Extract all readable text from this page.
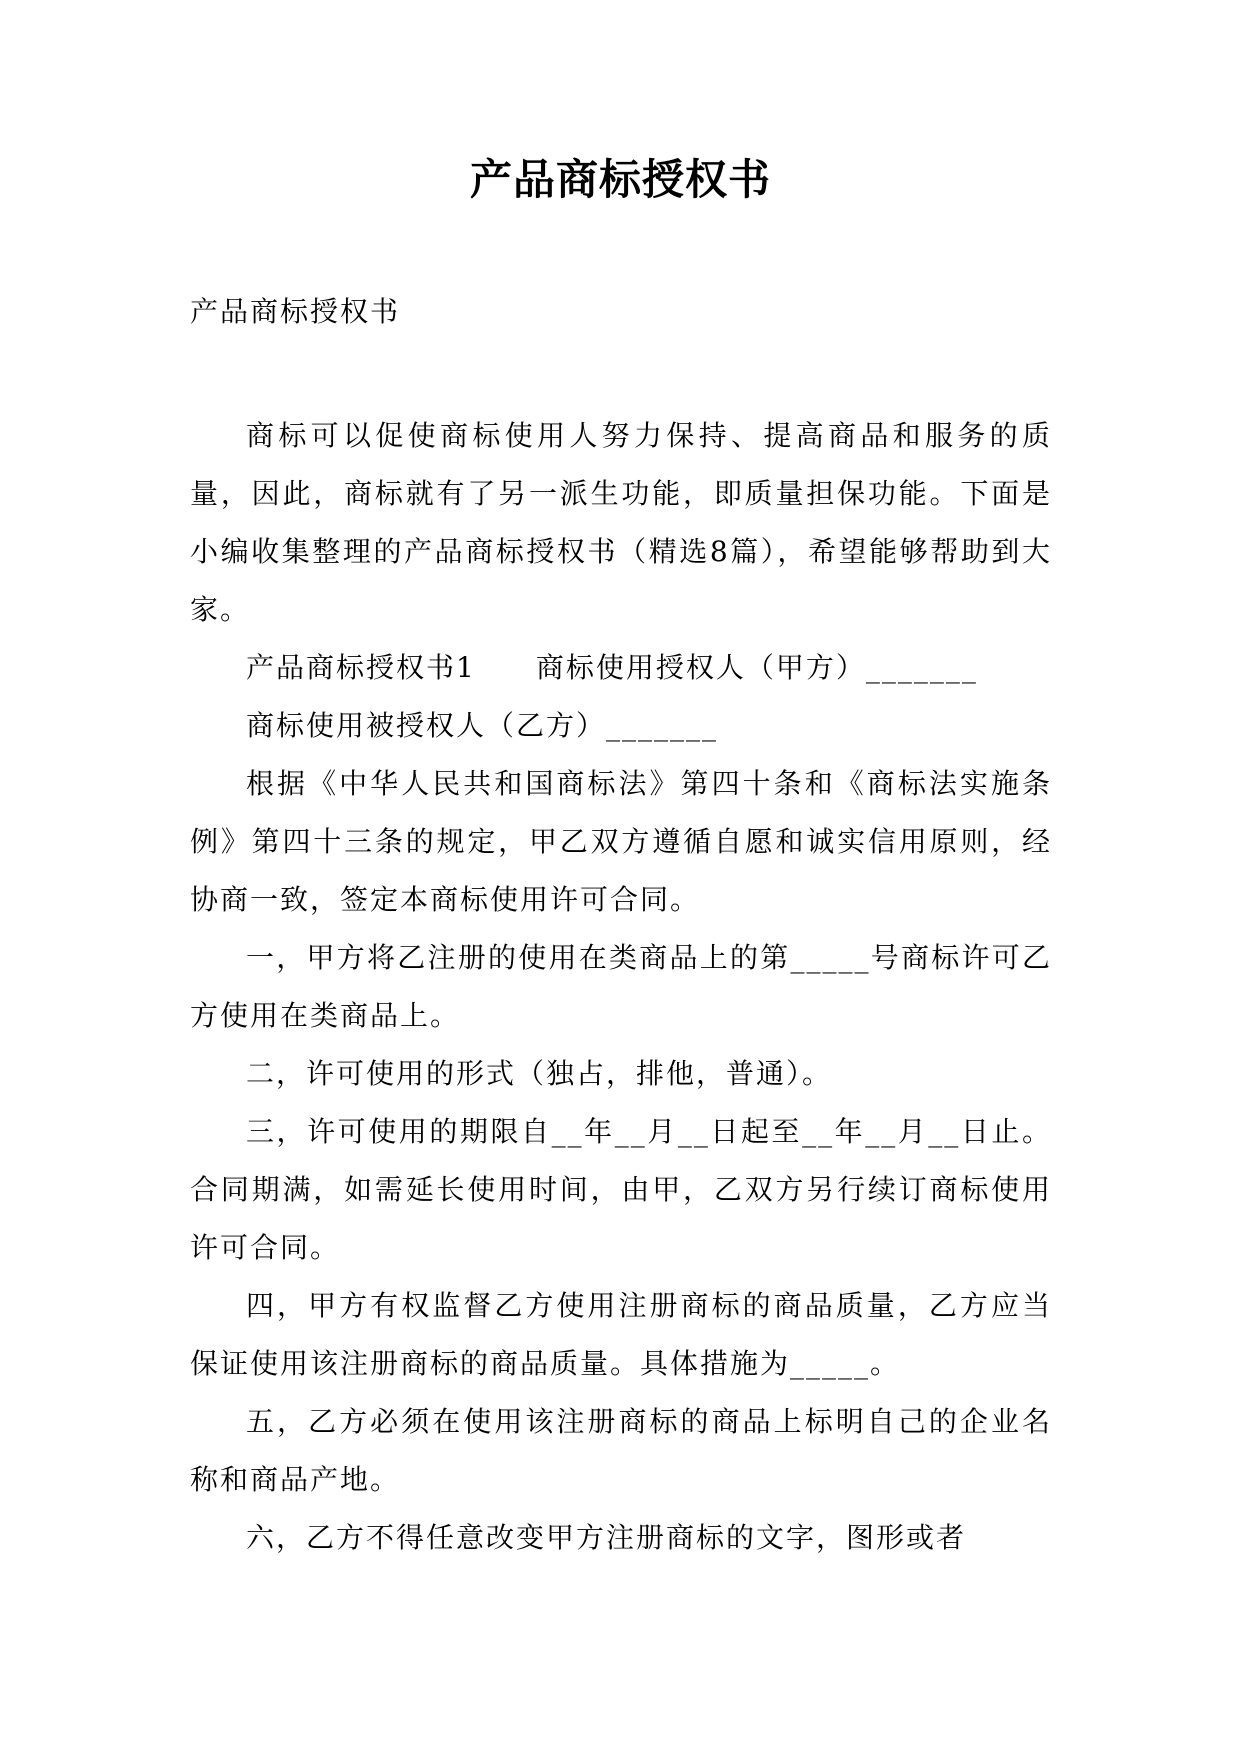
产品商标授权书
产品商标授权书

商标可以促使商标使用人努力保持、提高商品和服务的质量，因此，商标就有了另一派生功能，即质量担保功能。下面是小编收集整理的产品商标授权书（精选8篇），希望能够帮助到大家。

产品商标授权书1　　商标使用授权人（甲方）_______

商标使用被授权人（乙方）_______

根据《中华人民共和国商标法》第四十条和《商标法实施条例》第四十三条的规定，甲乙双方遵循自愿和诚实信用原则，经协商一致，签定本商标使用许可合同。

一，甲方将乙注册的使用在类商品上的第_____号商标许可乙方使用在类商品上。

二，许可使用的形式（独占，排他，普通）。

三，许可使用的期限自__年__月__日起至__年__月__日止。合同期满，如需延长使用时间，由甲，乙双方另行续订商标使用许可合同。

四，甲方有权监督乙方使用注册商标的商品质量，乙方应当保证使用该注册商标的商品质量。具体措施为_____。

五，乙方必须在使用该注册商标的商品上标明自己的企业名称和商品产地。

六，乙方不得任意改变甲方注册商标的文字，图形或者
